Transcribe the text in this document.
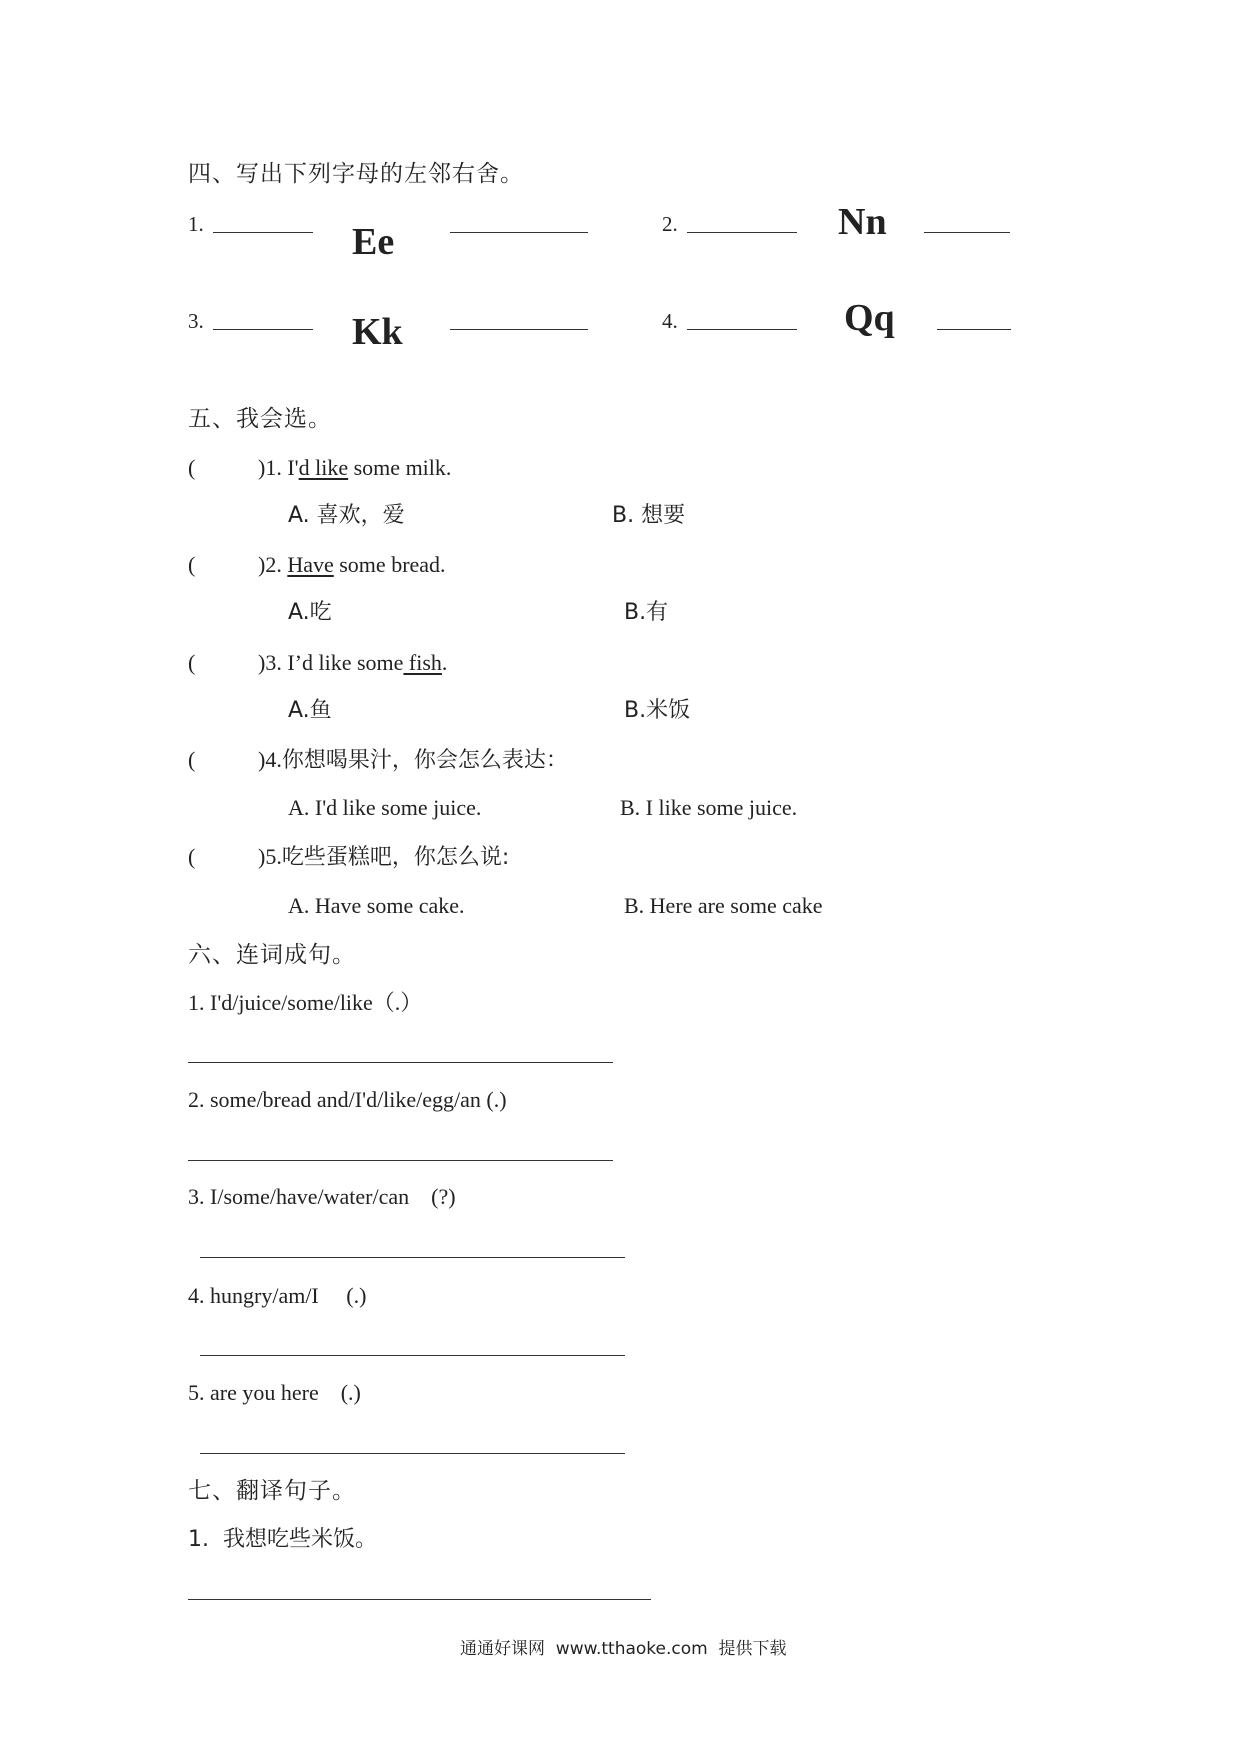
四、写出下列字母的左邻右舍。
1.	Ee	2.	Nn
3.	Kk	4.	Qq
五、我会选。
(	)1. I'd like some milk.
A. 喜欢，爱	B. 想要
(	)2. Have some bread.
A.吃	B.有
(	)3. I’d like some fish.
A.鱼	B.米饭
(	)4.你想喝果汁，你会怎么表达：
A. I'd like some juice.	B. I like some juice.
(	)5.吃些蛋糕吧，你怎么说:
A. Have some cake.	B. Here are some cake
六、连词成句。
1. I'd/juice/some/like（.）
2. some/bread and/I'd/like/egg/an (.)
3. I/some/have/water/can    (?)
4. hungry/am/I     (.)
5. are you here    (.)
七、翻译句子。
1.  我想吃些米饭。
通通好课网  www.tthaoke.com  提供下载
